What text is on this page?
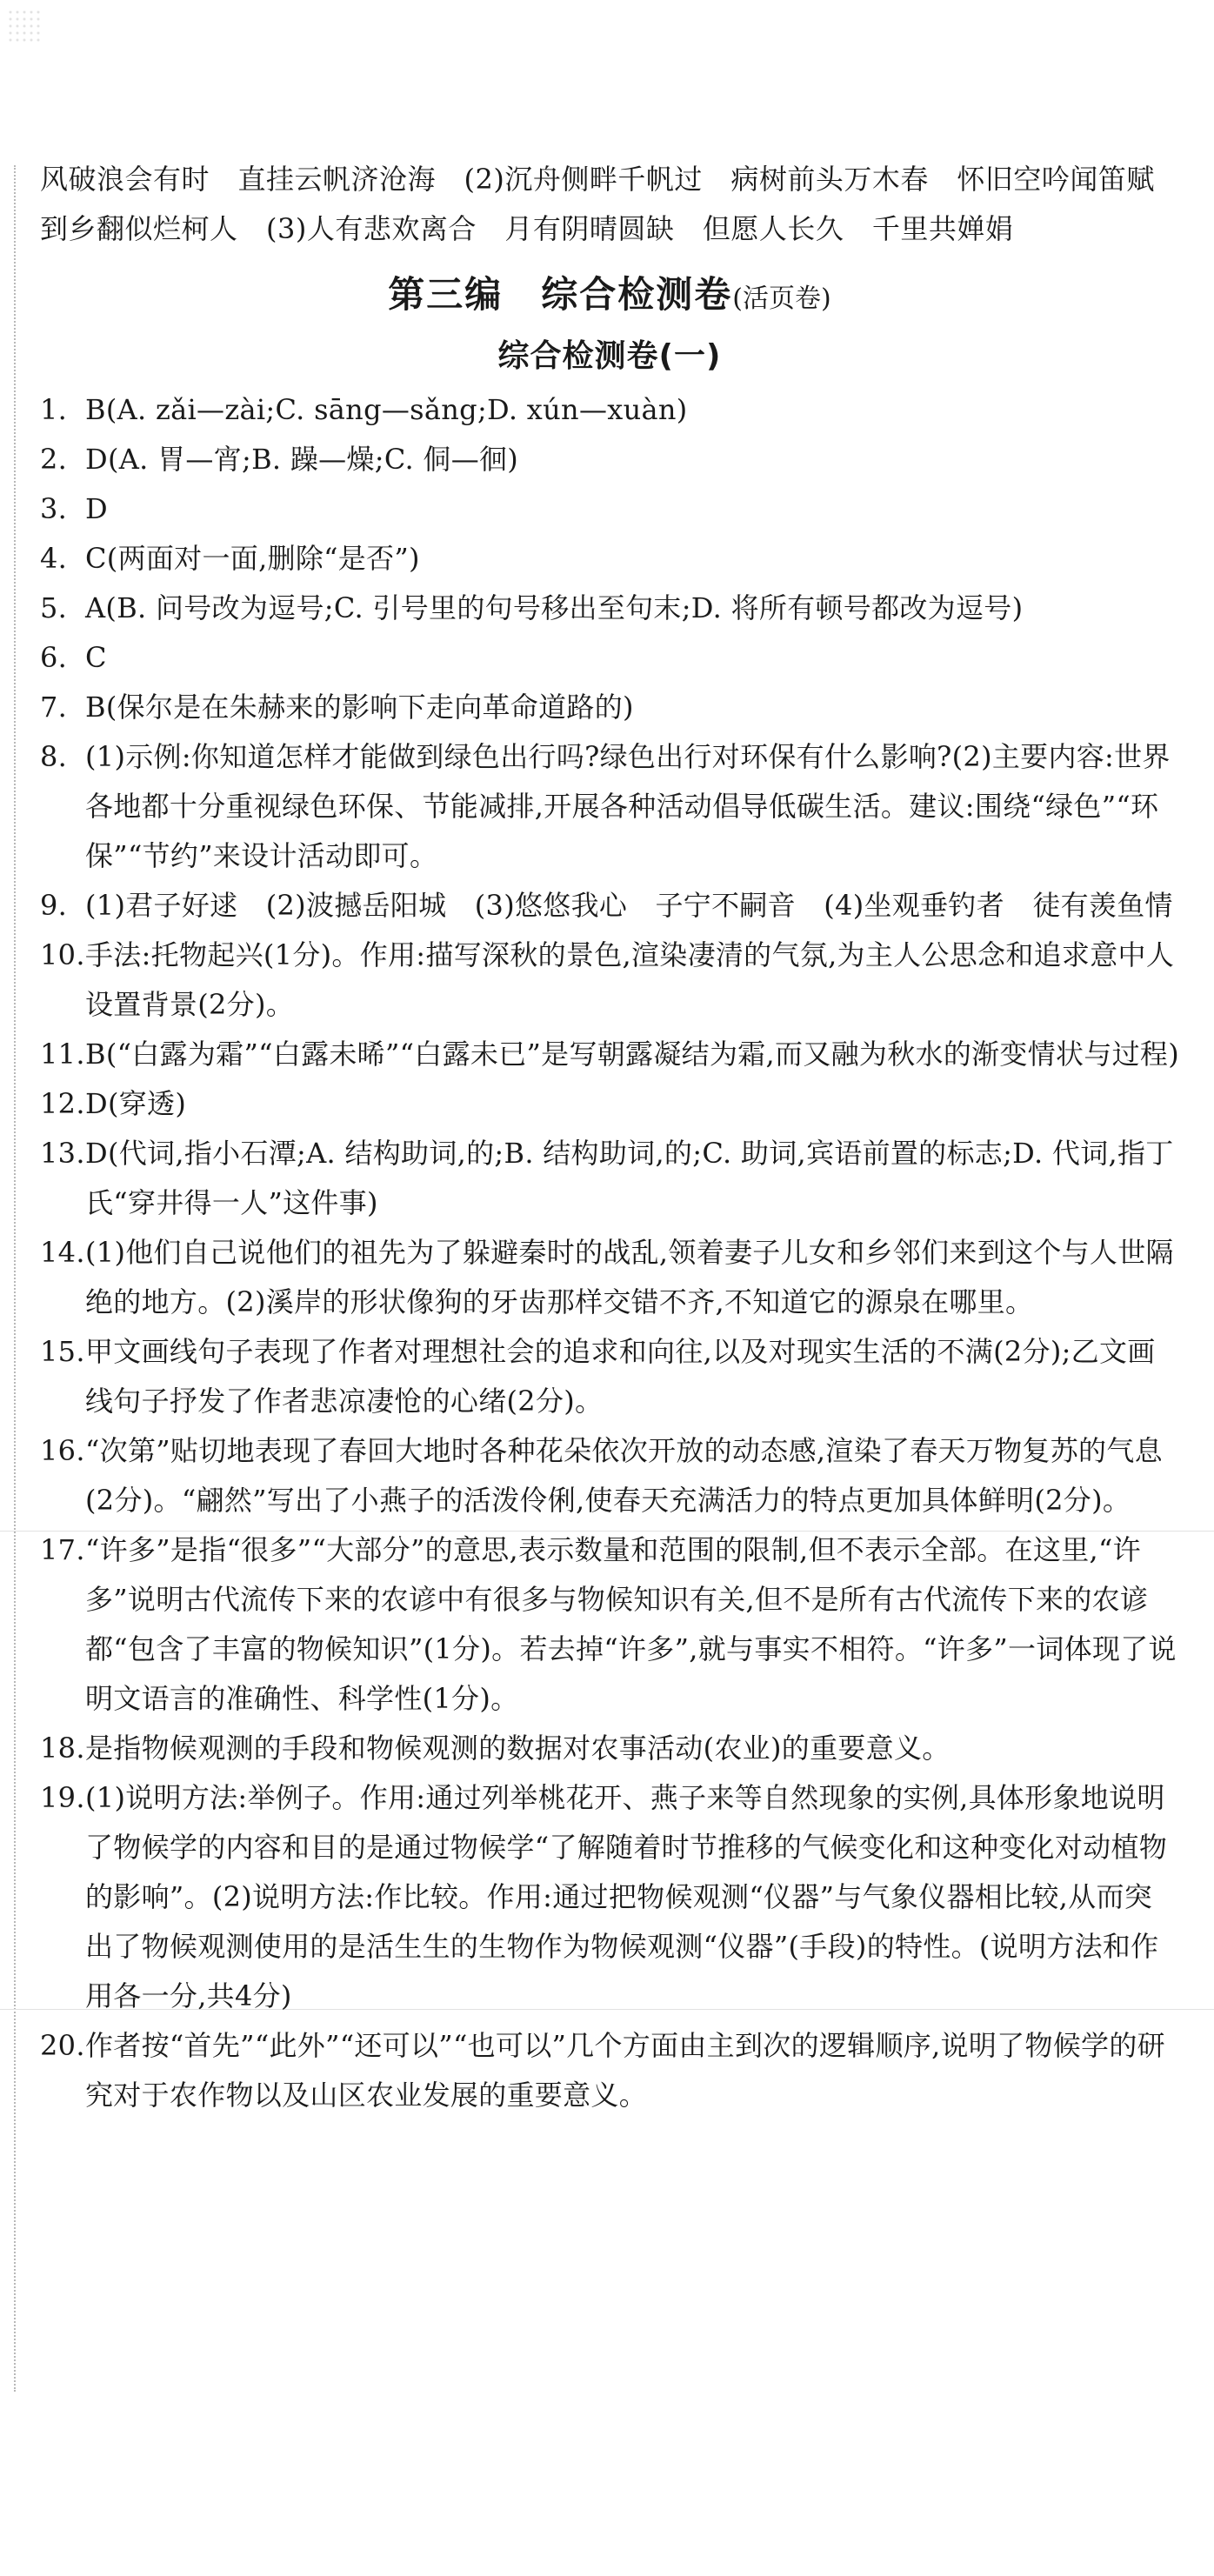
风破浪会有时　直挂云帆济沧海　(2)沉舟侧畔千帆过　病树前头万木春　怀旧空吟闻笛赋　到乡翻似烂柯人　(3)人有悲欢离合　月有阴晴圆缺　但愿人长久　千里共婵娟

第三编　综合检测卷(活页卷)
综合检测卷(一)
1. B(A. zǎi—zài;C. sāng—sǎng;D. xún—xuàn)
2. D(A. 胃—宵;B. 躁—燥;C. 侗—徊)
3. D
4. C(两面对一面,删除“是否”)
5. A(B. 问号改为逗号;C. 引号里的句号移出至句末;D. 将所有顿号都改为逗号)
6. C
7. B(保尔是在朱赫来的影响下走向革命道路的)
8. (1)示例:你知道怎样才能做到绿色出行吗?绿色出行对环保有什么影响?(2)主要内容:世界各地都十分重视绿色环保、节能减排,开展各种活动倡导低碳生活。建议:围绕“绿色”“环保”“节约”来设计活动即可。
9. (1)君子好逑　(2)波撼岳阳城　(3)悠悠我心　子宁不嗣音　(4)坐观垂钓者　徒有羡鱼情
10. 手法:托物起兴(1分)。作用:描写深秋的景色,渲染凄清的气氛,为主人公思念和追求意中人设置背景(2分)。
11. B(“白露为霜”“白露未晞”“白露未已”是写朝露凝结为霜,而又融为秋水的渐变情状与过程)
12. D(穿透)
13. D(代词,指小石潭;A. 结构助词,的;B. 结构助词,的;C. 助词,宾语前置的标志;D. 代词,指丁氏“穿井得一人”这件事)
14. (1)他们自己说他们的祖先为了躲避秦时的战乱,领着妻子儿女和乡邻们来到这个与人世隔绝的地方。(2)溪岸的形状像狗的牙齿那样交错不齐,不知道它的源泉在哪里。
15. 甲文画线句子表现了作者对理想社会的追求和向往,以及对现实生活的不满(2分);乙文画线句子抒发了作者悲凉凄怆的心绪(2分)。
16. “次第”贴切地表现了春回大地时各种花朵依次开放的动态感,渲染了春天万物复苏的气息(2分)。“翩然”写出了小燕子的活泼伶俐,使春天充满活力的特点更加具体鲜明(2分)。
17. “许多”是指“很多”“大部分”的意思,表示数量和范围的限制,但不表示全部。在这里,“许多”说明古代流传下来的农谚中有很多与物候知识有关,但不是所有古代流传下来的农谚都“包含了丰富的物候知识”(1分)。若去掉“许多”,就与事实不相符。“许多”一词体现了说明文语言的准确性、科学性(1分)。
18. 是指物候观测的手段和物候观测的数据对农事活动(农业)的重要意义。
19. (1)说明方法:举例子。作用:通过列举桃花开、燕子来等自然现象的实例,具体形象地说明了物候学的内容和目的是通过物候学“了解随着时节推移的气候变化和这种变化对动植物的影响”。(2)说明方法:作比较。作用:通过把物候观测“仪器”与气象仪器相比较,从而突出了物候观测使用的是活生生的生物作为物候观测“仪器”(手段)的特性。(说明方法和作用各一分,共4分)
20. 作者按“首先”“此外”“还可以”“也可以”几个方面由主到次的逻辑顺序,说明了物候学的研究对于农作物以及山区农业发展的重要意义。
